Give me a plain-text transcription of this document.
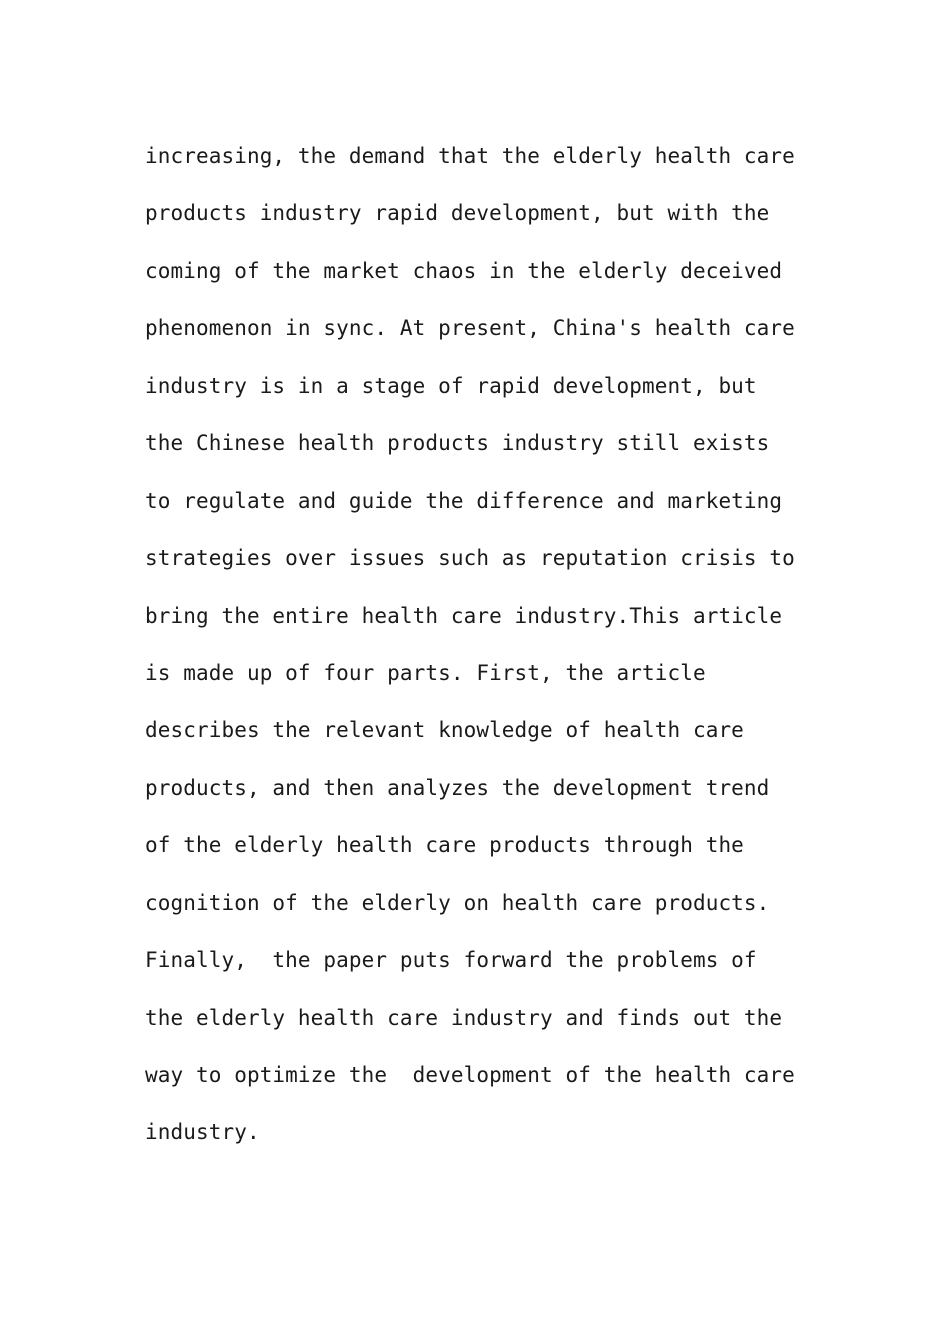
increasing, the demand that the elderly health care
products industry rapid development, but with the
coming of the market chaos in the elderly deceived
phenomenon in sync. At present, China's health care
industry is in a stage of rapid development, but
the Chinese health products industry still exists
to regulate and guide the difference and marketing
strategies over issues such as reputation crisis to
bring the entire health care industry.This article
is made up of four parts. First, the article
describes the relevant knowledge of health care
products, and then analyzes the development trend
of the elderly health care products through the
cognition of the elderly on health care products.
Finally,  the paper puts forward the problems of
the elderly health care industry and finds out the
way to optimize the  development of the health care
industry.
